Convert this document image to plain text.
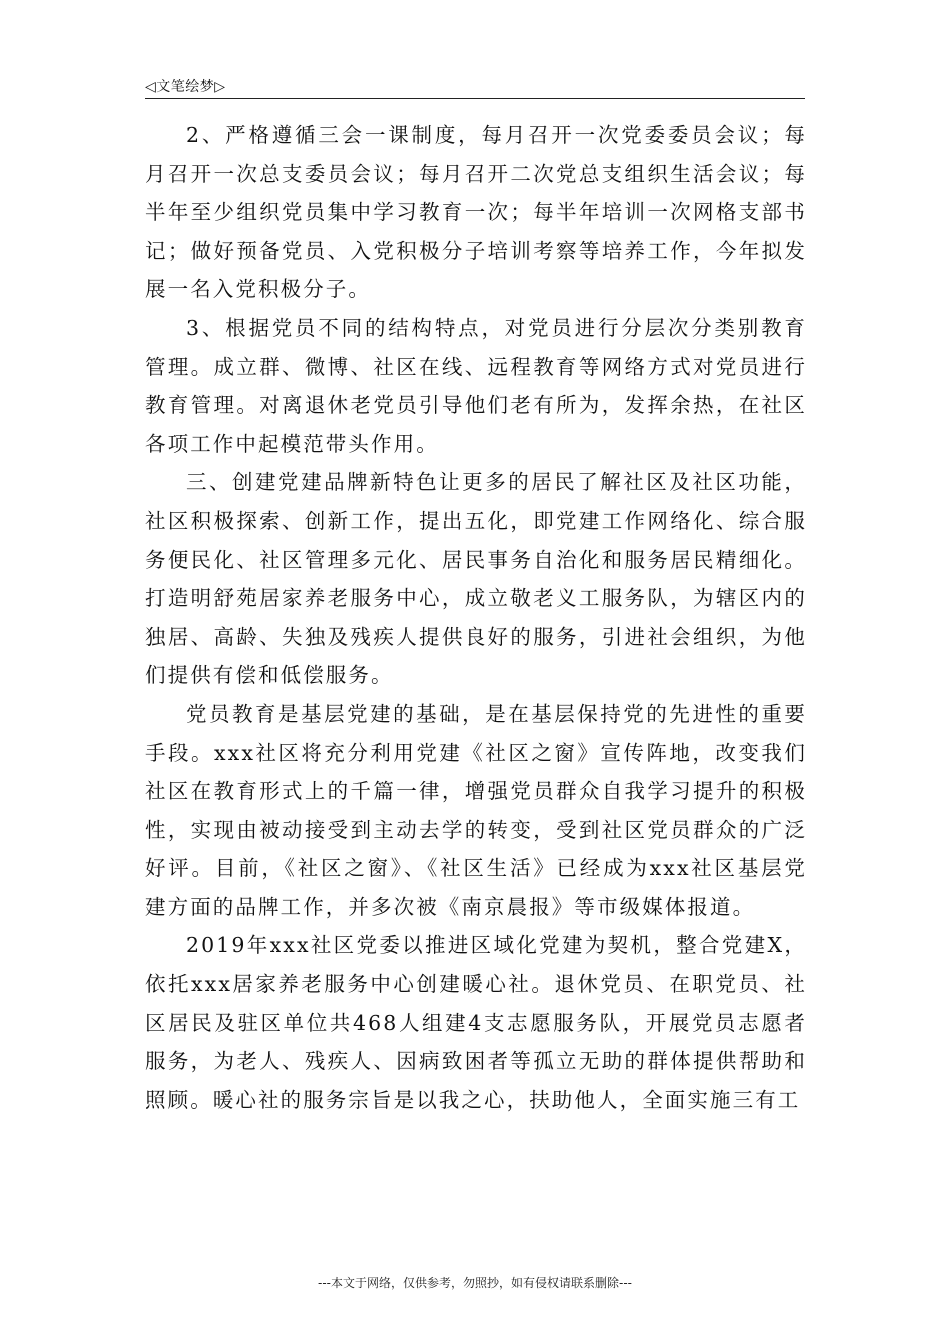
◁文笔绘梦▷

2、严格遵循三会一课制度，每月召开一次党委委员会议；每月召开一次总支委员会议；每月召开二次党总支组织生活会议；每半年至少组织党员集中学习教育一次；每半年培训一次网格支部书记；做好预备党员、入党积极分子培训考察等培养工作，今年拟发展一名入党积极分子。

3、根据党员不同的结构特点，对党员进行分层次分类别教育管理。成立群、微博、社区在线、远程教育等网络方式对党员进行教育管理。对离退休老党员引导他们老有所为，发挥余热，在社区各项工作中起模范带头作用。

三、创建党建品牌新特色让更多的居民了解社区及社区功能，社区积极探索、创新工作，提出五化，即党建工作网络化、综合服务便民化、社区管理多元化、居民事务自治化和服务居民精细化。打造明舒苑居家养老服务中心，成立敬老义工服务队，为辖区内的独居、高龄、失独及残疾人提供良好的服务，引进社会组织，为他们提供有偿和低偿服务。

党员教育是基层党建的基础，是在基层保持党的先进性的重要手段。xxx社区将充分利用党建《社区之窗》宣传阵地，改变我们社区在教育形式上的千篇一律，增强党员群众自我学习提升的积极性，实现由被动接受到主动去学的转变，受到社区党员群众的广泛好评。目前，《社区之窗》、《社区生活》已经成为xxx社区基层党建方面的品牌工作，并多次被《南京晨报》等市级媒体报道。

2019年xxx社区党委以推进区域化党建为契机，整合党建X，依托xxx居家养老服务中心创建暖心社。退休党员、在职党员、社区居民及驻区单位共468人组建4支志愿服务队，开展党员志愿者服务，为老人、残疾人、因病致困者等孤立无助的群体提供帮助和照顾。暖心社的服务宗旨是以我之心，扶助他人，全面实施三有工

---本文于网络，仅供参考，勿照抄，如有侵权请联系删除---
